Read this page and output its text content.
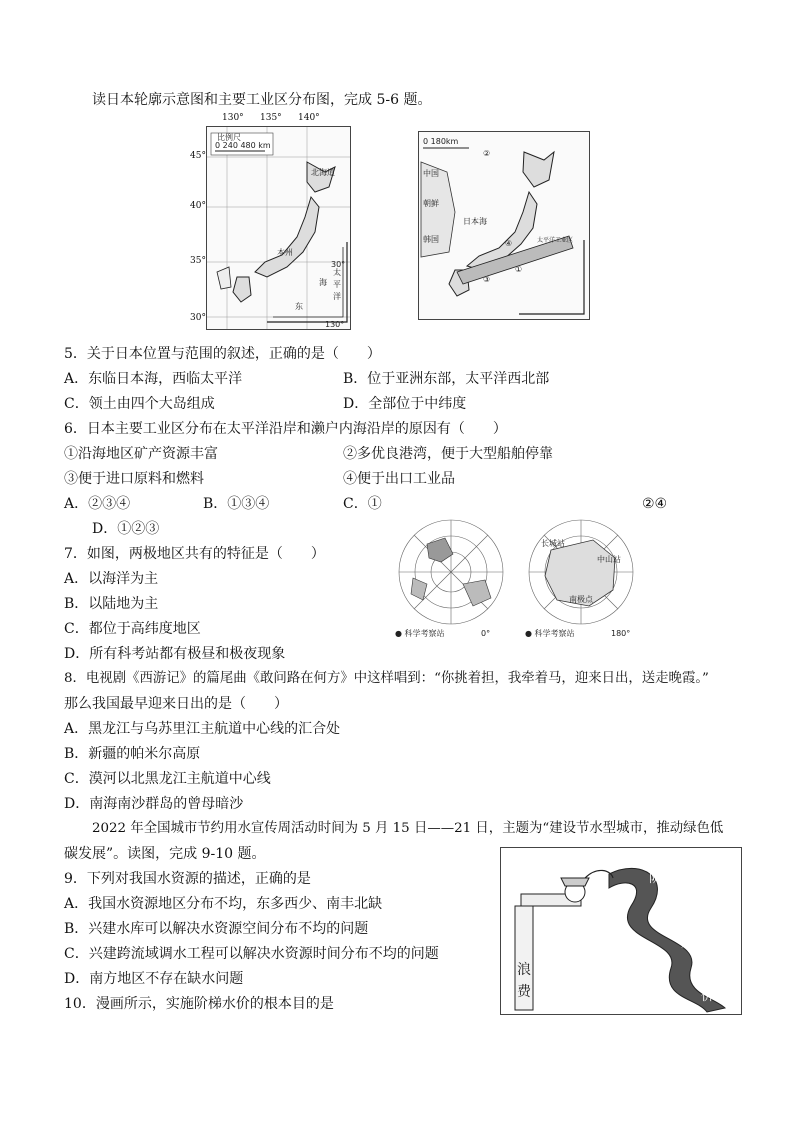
读日本轮廓示意图和主要工业区分布图，完成 5-6 题。
比例尺
0 240 480 km
北海道
本州
太
平
洋
东
海
30°
130°
130° 135° 140°
45°
40°
35°
30°
0 180km
中国
朝鲜
韩国
日本海
④
①
②
③
太平洋工业区
5．关于日本位置与范围的叙述，正确的是（　　）
A．东临日本海，西临太平洋	B．位于亚洲东部，太平洋西北部
C．领土由四个大岛组成	D．全部位于中纬度
6．日本主要工业区分布在太平洋沿岸和濑户内海沿岸的原因有（　　）
①沿海地区矿产资源丰富	②多优良港湾，便于大型船舶停靠
③便于进口原料和燃料	④便于出口工业品
A．②③④	B．①③④	C．①	②④
D．①②③
● 科学考察站	0°
长城站
中山站
南极点
● 科学考察站	180°
7．如图，两极地区共有的特征是（　　）
A．以海洋为主
B．以陆地为主
C．都位于高纬度地区
D．所有科考站都有极昼和极夜现象
8．电视剧《西游记》的篇尾曲《敢问路在何方》中这样唱到：“你挑着担，我牵着马，迎来日出，送走晚霞。”
那么我国最早迎来日出的是（　　）
A．黑龙江与乌苏里江主航道中心线的汇合处
B．新疆的帕米尔高原
C．漠河以北黑龙江主航道中心线
D．南海南沙群岛的曾母暗沙
2022 年全国城市节约用水宣传周活动时间为 5 月 15 日——21 日，主题为“建设节水型城市，推动绿色低
碳发展”。读图，完成 9-10 题。
阶
梯
水
价
浪
费
9．下列对我国水资源的描述，正确的是
A．我国水资源地区分布不均，东多西少、南丰北缺
B．兴建水库可以解决水资源空间分布不均的问题
C．兴建跨流域调水工程可以解决水资源时间分布不均的问题
D．南方地区不存在缺水问题
10．漫画所示，实施阶梯水价的根本目的是
